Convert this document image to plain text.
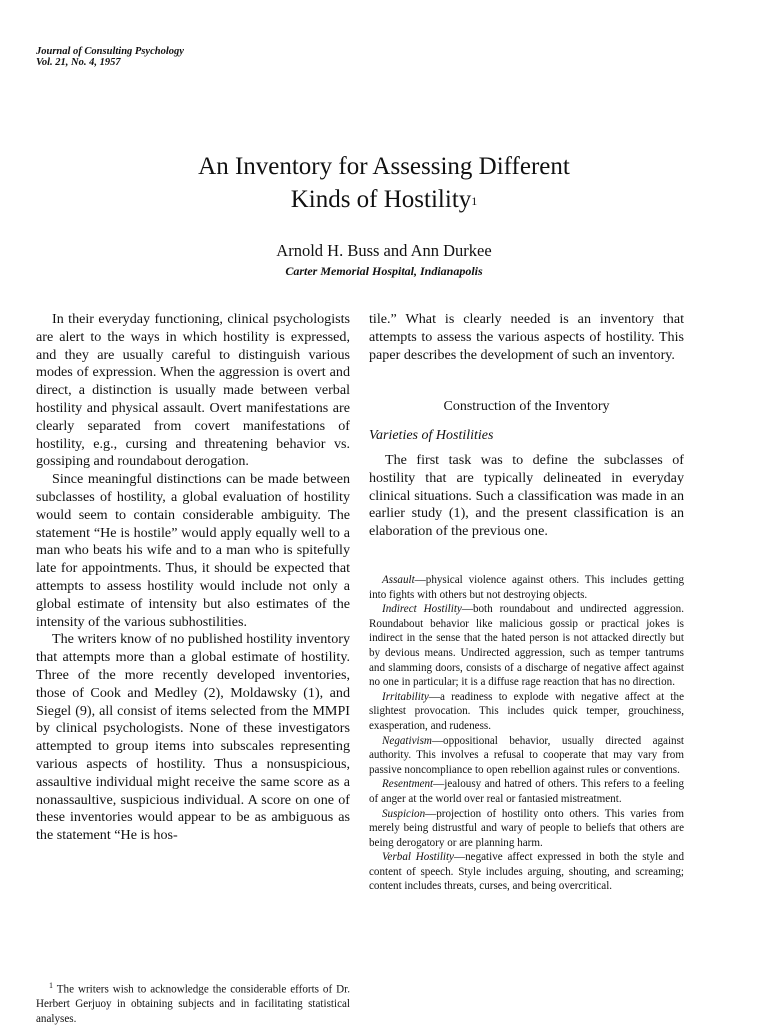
Journal of Consulting Psychology
Vol. 21, No. 4, 1957
An Inventory for Assessing Different
Kinds of Hostility$^1$
Arnold H. Buss and Ann Durkee
Carter Memorial Hospital, Indianapolis

In their everyday functioning, clinical psychologists are alert to the ways in which hostility is expressed, and they are usually careful to distinguish various modes of expression. When the aggression is overt and direct, a distinction is usually made between verbal hostility and physical assault. Overt manifestations are clearly separated from covert manifestations of hostility, e.g., cursing and threatening behavior vs. gossiping and roundabout derogation.

Since meaningful distinctions can be made between subclasses of hostility, a global evaluation of hostility would seem to contain considerable ambiguity. The statement “He is hostile” would apply equally well to a man who beats his wife and to a man who is spitefully late for appointments. Thus, it should be expected that attempts to assess hostility would include not only a global estimate of intensity but also estimates of the intensity of the various subhostilities.

The writers know of no published hostility inventory that attempts more than a global estimate of hostility. Three of the more recently developed inventories, those of Cook and Medley (2), Moldawsky (1), and Siegel (9), all consist of items selected from the MMPI by clinical psychologists. None of these investigators attempted to group items into subscales representing various aspects of hostility. Thus a nonsuspicious, assaultive individual might receive the same score as a nonassaultive, suspicious individual. A score on one of these inventories would appear to be as ambiguous as the statement “He is hos-

tile.” What is clearly needed is an inventory that attempts to assess the various aspects of hostility. This paper describes the development of such an inventory.

Construction of the Inventory
Varieties of Hostilities

The first task was to define the subclasses of hostility that are typically delineated in everyday clinical situations. Such a classification was made in an earlier study (1), and the present classification is an elaboration of the previous one.

Assault—physical violence against others. This includes getting into fights with others but not destroying objects.

Indirect Hostility—both roundabout and undirected aggression. Roundabout behavior like malicious gossip or practical jokes is indirect in the sense that the hated person is not attacked directly but by devious means. Undirected aggression, such as temper tantrums and slamming doors, consists of a discharge of negative affect against no one in particular; it is a diffuse rage reaction that has no direction.

Irritability—a readiness to explode with negative affect at the slightest provocation. This includes quick temper, grouchiness, exasperation, and rudeness.

Negativism—oppositional behavior, usually directed against authority. This involves a refusal to cooperate that may vary from passive noncompliance to open rebellion against rules or conventions.

Resentment—jealousy and hatred of others. This refers to a feeling of anger at the world over real or fantasied mistreatment.

Suspicion—projection of hostility onto others. This varies from merely being distrustful and wary of people to beliefs that others are being derogatory or are planning harm.

Verbal Hostility—negative affect expressed in both the style and content of speech. Style includes arguing, shouting, and screaming; content includes threats, curses, and being overcritical.

$^1$ The writers wish to acknowledge the considerable efforts of Dr. Herbert Gerjuoy in obtaining subjects and in facilitating statistical analyses.
